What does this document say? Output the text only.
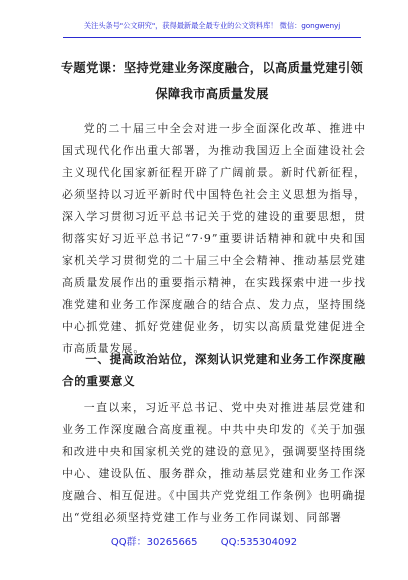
关注头条号"公文研究"，获得最新最全最专业的公文资料库！ 微信：gongwenyj
专题党课：坚持党建业务深度融合，以高质量党建引领保障我市高质量发展
党的二十届三中全会对进一步全面深化改革、推进中国式现代化作出重大部署，为推动我国迈上全面建设社会主义现代化国家新征程开辟了广阔前景。新时代新征程，必须坚持以习近平新时代中国特色社会主义思想为指导，深入学习贯彻习近平总书记关于党的建设的重要思想，贯彻落实好习近平总书记“7·9”重要讲话精神和就中央和国家机关学习贯彻党的二十届三中全会精神、推动基层党建高质量发展作出的重要指示精神，在实践探索中进一步找准党建和业务工作深度融合的结合点、发力点，坚持围绕中心抓党建、抓好党建促业务，切实以高质量党建促进全市高质量发展。
一、提高政治站位，深刻认识党建和业务工作深度融合的重要意义
一直以来，习近平总书记、党中央对推进基层党建和业务工作深度融合高度重视。中共中央印发的《关于加强和改进中央和国家机关党的建设的意见》，强调要坚持围绕中心、建设队伍、服务群众，推动基层党建和业务工作深度融合、相互促进。《中国共产党党组工作条例》也明确提出“党组必须坚持党建工作与业务工作同谋划、同部署
QQ群：30265665 QQ:535304092
